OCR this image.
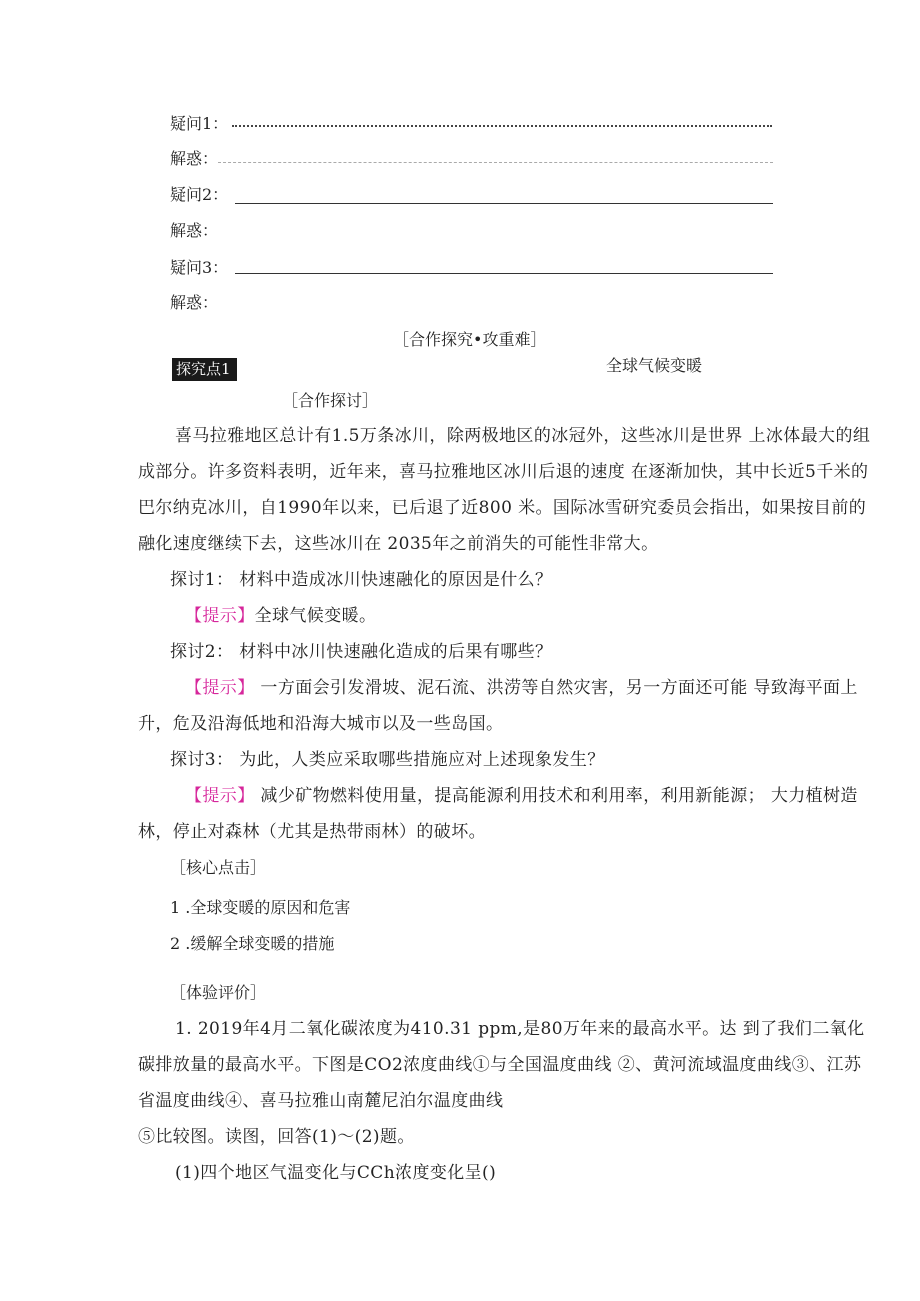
疑问1：
解惑：
疑问2：
解惑：
疑问3：
解惑：
［合作探究•攻重难］
探究点1	全球气候变暖
［合作探讨］
喜马拉雅地区总计有1.5万条冰川，除两极地区的冰冠外，这些冰川是世界 上冰体最大的组
成部分。许多资料表明，近年来，喜马拉雅地区冰川后退的速度 在逐渐加快，其中长近5千米的
巴尔纳克冰川，自1990年以来，已后退了近800 米。国际冰雪研究委员会指出，如果按目前的
融化速度继续下去，这些冰川在 2035年之前消失的可能性非常大。
探讨1： 材料中造成冰川快速融化的原因是什么？
【提示】全球气候变暖。
探讨2： 材料中冰川快速融化造成的后果有哪些？
【提示】 一方面会引发滑坡、泥石流、洪涝等自然灾害，另一方面还可能 导致海平面上
升，危及沿海低地和沿海大城市以及一些岛国。
探讨3： 为此，人类应采取哪些措施应对上述现象发生？
【提示】 减少矿物燃料使用量，提高能源利用技术和利用率，利用新能源； 大力植树造
林，停止对森林（尤其是热带雨林）的破坏。
［核心点击］
1 .全球变暖的原因和危害
2 .缓解全球变暖的措施
［体验评价］
1. 2019年4月二氧化碳浓度为410.31 ppm,是80万年来的最高水平。达 到了我们二氧化
碳排放量的最高水平。下图是CO2浓度曲线①与全国温度曲线 ②、黄河流域温度曲线③、江苏
省温度曲线④、喜马拉雅山南麓尼泊尔温度曲线
⑤比较图。读图，回答(1)～(2)题。
(1)四个地区气温变化与CCh浓度变化呈()
